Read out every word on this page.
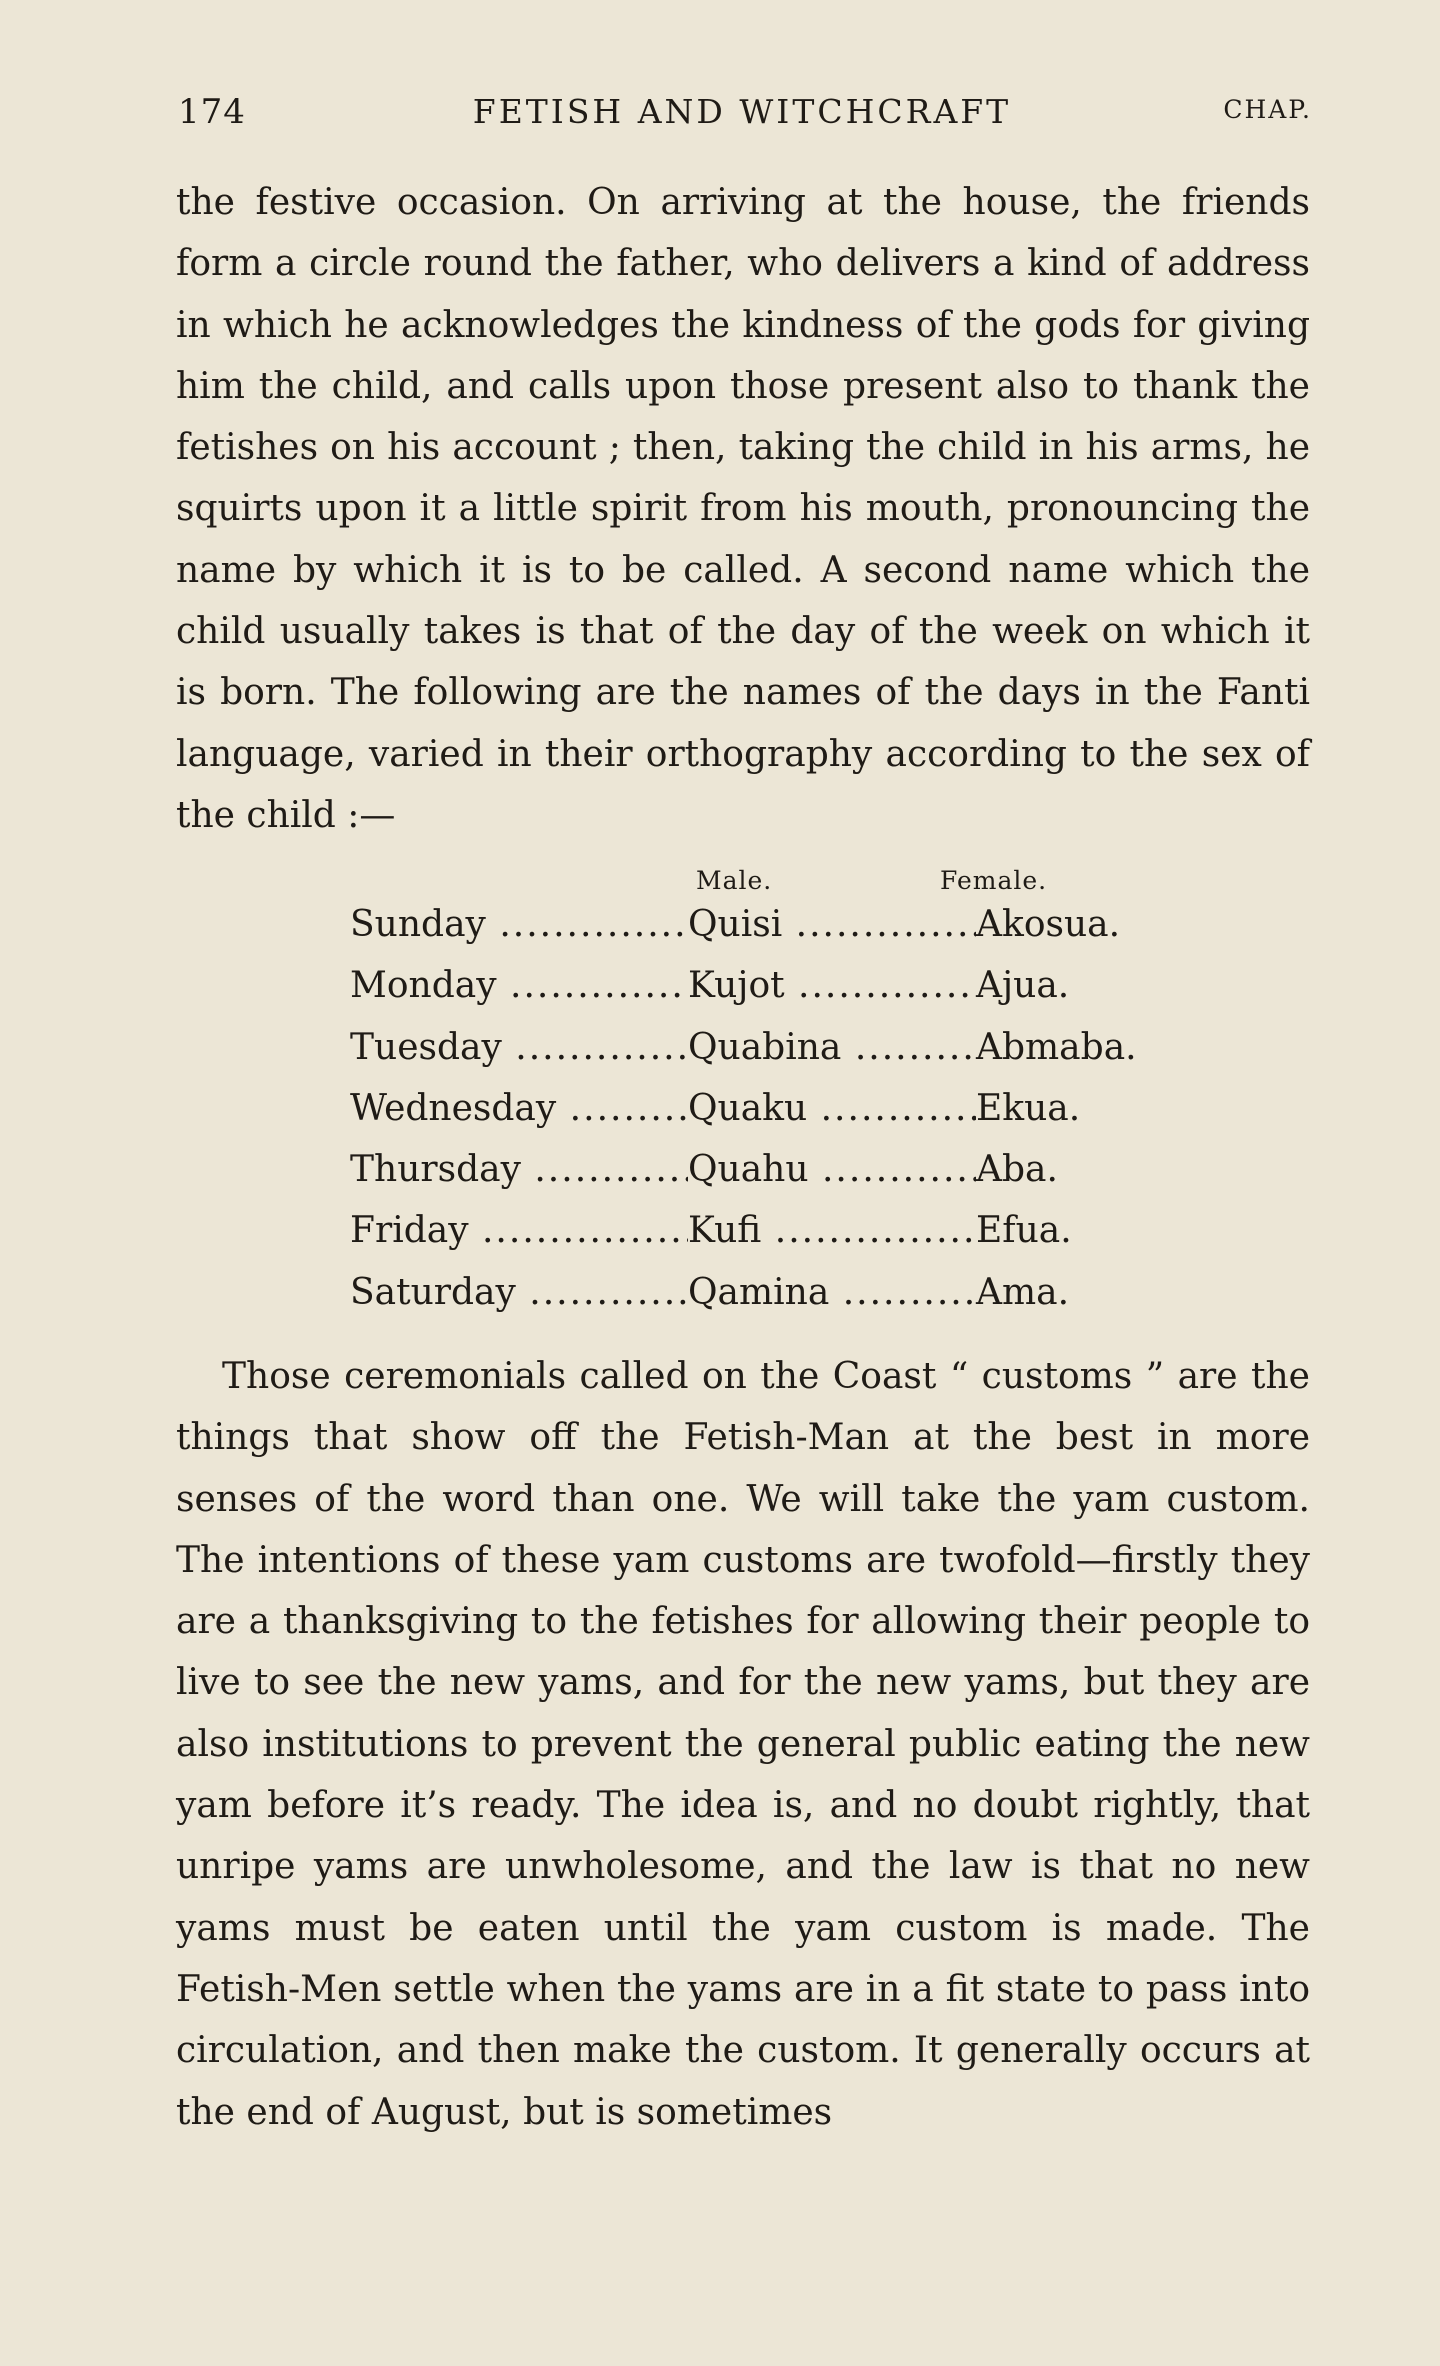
174	FETISH AND WITCHCRAFT	CHAP.

the festive occasion. On arriving at the house, the friends form a circle round the father, who delivers a kind of address in which he acknowledges the kindness of the gods for giving him the child, and calls upon those present also to thank the fetishes on his account ; then, taking the child in his arms, he squirts upon it a little spirit from his mouth, pronouncing the name by which it is to be called. A second name which the child usually takes is that of the day of the week on which it is born. The following are the names of the days in the Fanti language, varied in their orthography according to the sex of the child :—

Male.	Female.
Sunday .....	Quisi .....	Akosua.
Monday .....	Kujot .....	Ajua.
Tuesday .....	Quabina .....	Abmaba.
Wednesday .....	Quaku .....	Ekua.
Thursday .....	Quahu .....	Aba.
Friday .....	Kufi .....	Efua.
Saturday .....	Qamina .....	Ama.

Those ceremonials called on the Coast “ customs ” are the things that show off the Fetish-Man at the best in more senses of the word than one. We will take the yam custom. The intentions of these yam customs are twofold—firstly they are a thanksgiving to the fetishes for allowing their people to live to see the new yams, and for the new yams, but they are also institutions to prevent the general public eating the new yam before it’s ready. The idea is, and no doubt rightly, that unripe yams are unwholesome, and the law is that no new yams must be eaten until the yam custom is made. The Fetish-Men settle when the yams are in a fit state to pass into circulation, and then make the custom. It generally occurs at the end of August, but is sometimes
